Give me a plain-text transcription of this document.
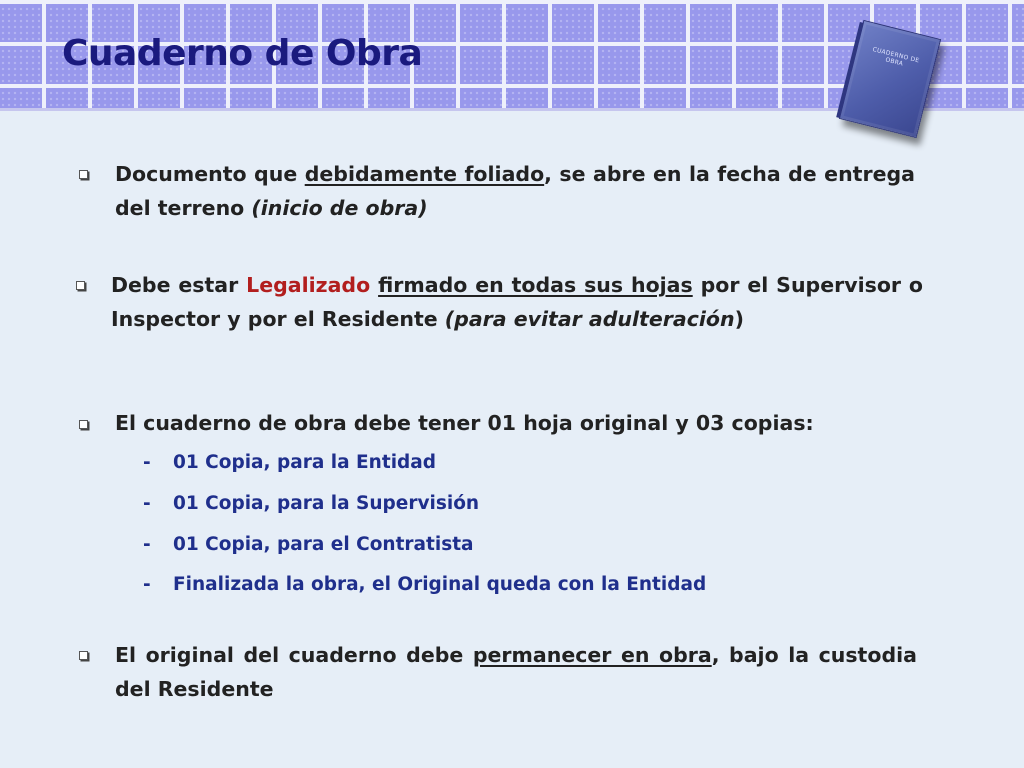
Cuaderno de Obra	CUADERNO DE OBRA

Documento que debidamente foliado, se abre en la fecha de entrega del terreno (inicio de obra)

Debe estar Legalizado firmado en todas sus hojas por el Supervisor o Inspector y por el Residente (para evitar adulteración)

El cuaderno de obra debe tener 01 hoja original y 03 copias:

- 01 Copia, para la Entidad

- 01 Copia, para la Supervisión

- 01 Copia, para el Contratista

- Finalizada la obra, el Original queda con la Entidad

El original del cuaderno debe permanecer en obra, bajo la custodia del Residente
